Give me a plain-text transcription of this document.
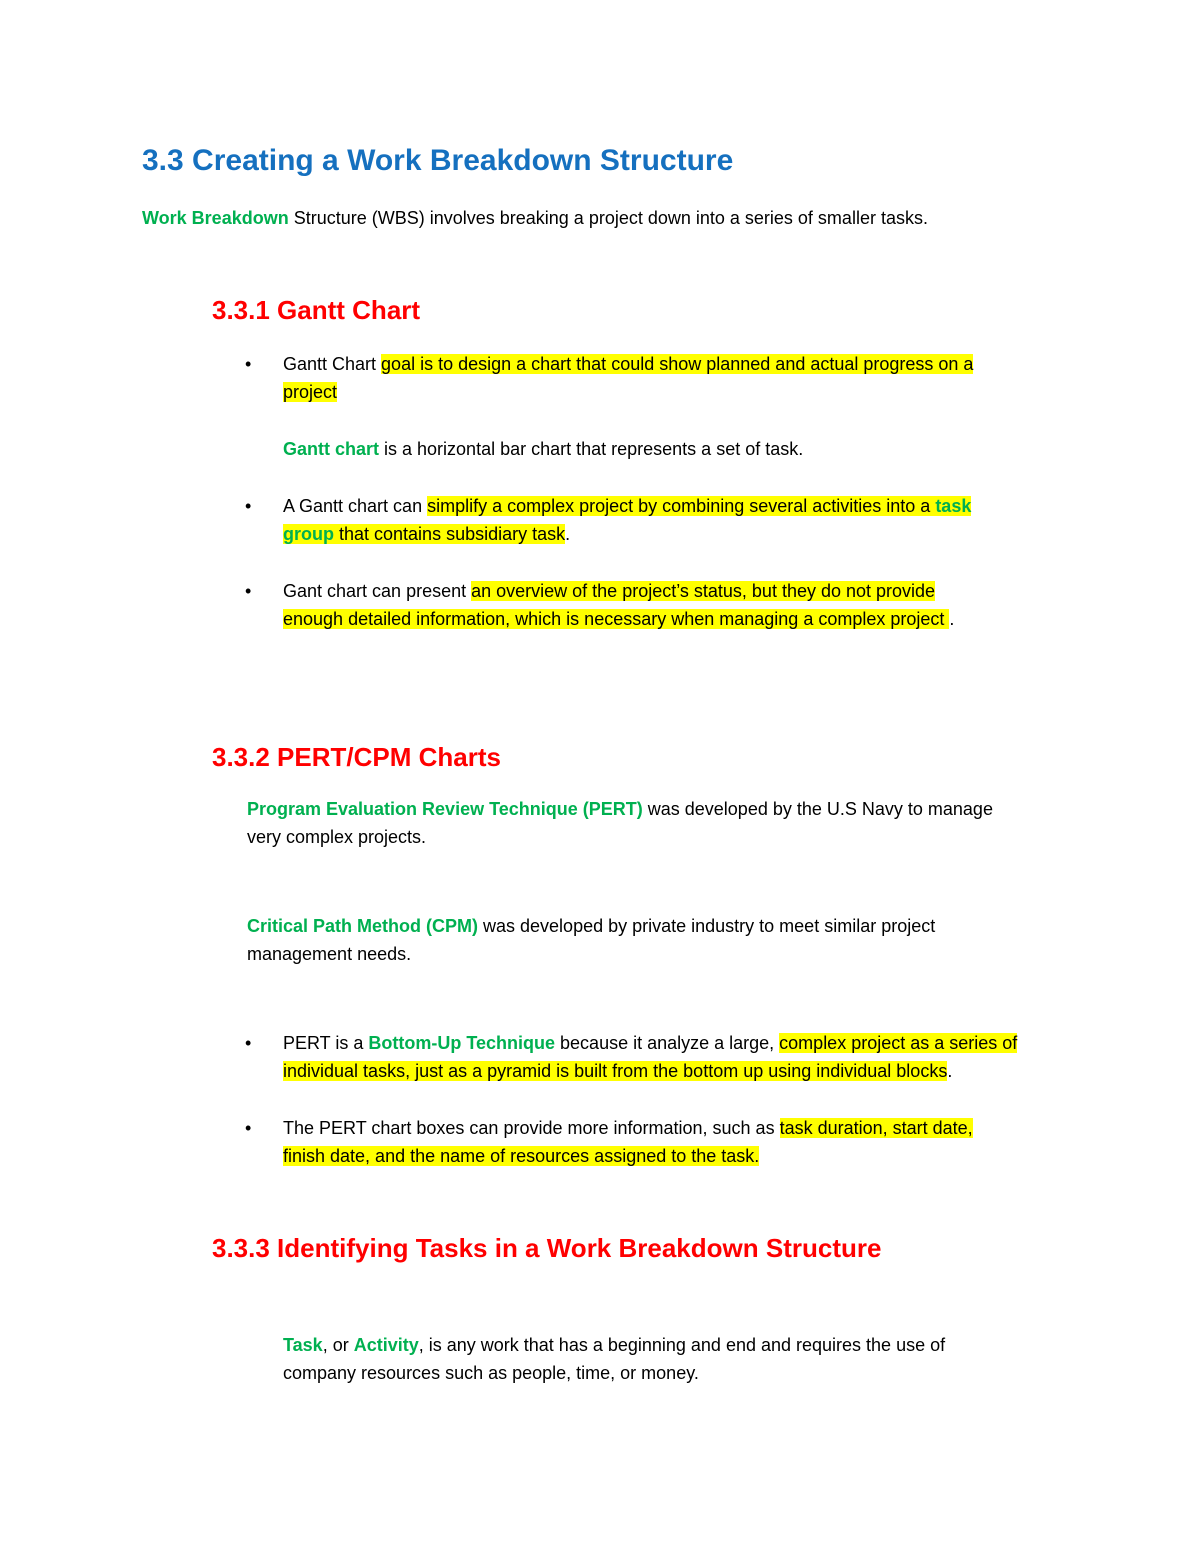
3.3 Creating a Work Breakdown Structure
Work Breakdown Structure (WBS) involves breaking a project down into a series of smaller tasks.
3.3.1 Gantt Chart
• Gantt Chart goal is to design a chart that could show planned and actual progress on a
project
Gantt chart is a horizontal bar chart that represents a set of task.
• A Gantt chart can simplify a complex project by combining several activities into a task
group that contains subsidiary task.
• Gant chart can present an overview of the project’s status, but they do not provide
enough detailed information, which is necessary when managing a complex project .
3.3.2 PERT/CPM Charts
Program Evaluation Review Technique (PERT) was developed by the U.S Navy to manage
very complex projects.
Critical Path Method (CPM) was developed by private industry to meet similar project
management needs.
• PERT is a Bottom-Up Technique because it analyze a large, complex project as a series of
individual tasks, just as a pyramid is built from the bottom up using individual blocks.
• The PERT chart boxes can provide more information, such as task duration, start date,
finish date, and the name of resources assigned to the task.
3.3.3 Identifying Tasks in a Work Breakdown Structure
Task, or Activity, is any work that has a beginning and end and requires the use of
company resources such as people, time, or money.
